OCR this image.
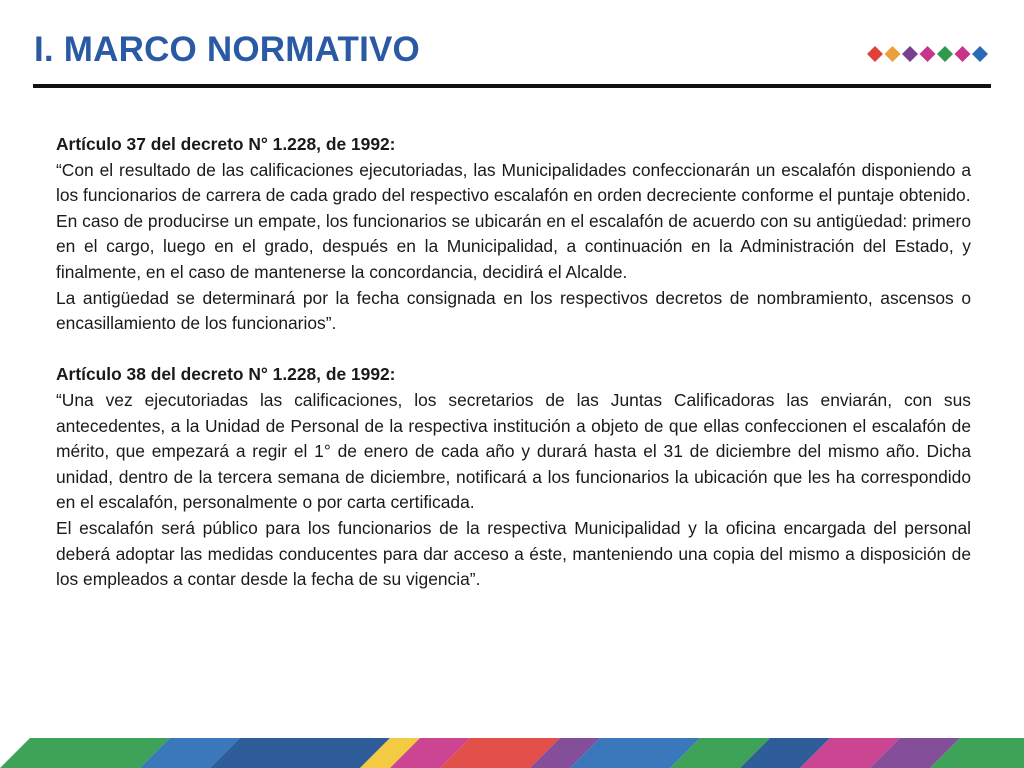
I. MARCO NORMATIVO

Artículo 37 del decreto N° 1.228, de 1992:

“Con el resultado de las calificaciones ejecutoriadas, las Municipalidades confeccionarán un escalafón disponiendo a los funcionarios de carrera de cada grado del respectivo escalafón en orden decreciente conforme el puntaje obtenido.

En caso de producirse un empate, los funcionarios se ubicarán en el escalafón de acuerdo con su antigüedad: primero en el cargo, luego en el grado, después en la Municipalidad, a continuación en la Administración del Estado, y finalmente, en el caso de mantenerse la concordancia, decidirá el Alcalde.

La antigüedad se determinará por la fecha consignada en los respectivos decretos de nombramiento, ascensos o encasillamiento de los funcionarios”.

Artículo 38 del decreto N° 1.228, de 1992:

“Una vez ejecutoriadas las calificaciones, los secretarios de las Juntas Calificadoras las enviarán, con sus antecedentes, a la Unidad de Personal de la respectiva institución a objeto de que ellas confeccionen el escalafón de mérito, que empezará a regir el 1° de enero de cada año y durará hasta el 31 de diciembre del mismo año. Dicha unidad, dentro de la tercera semana de diciembre, notificará a los funcionarios la ubicación que les ha correspondido en el escalafón, personalmente o por carta certificada.

El escalafón será público para los funcionarios de la respectiva Municipalidad y la oficina encargada del personal deberá adoptar las medidas conducentes para dar acceso a éste, manteniendo una copia del mismo a disposición de los empleados a contar desde la fecha de su vigencia”.
